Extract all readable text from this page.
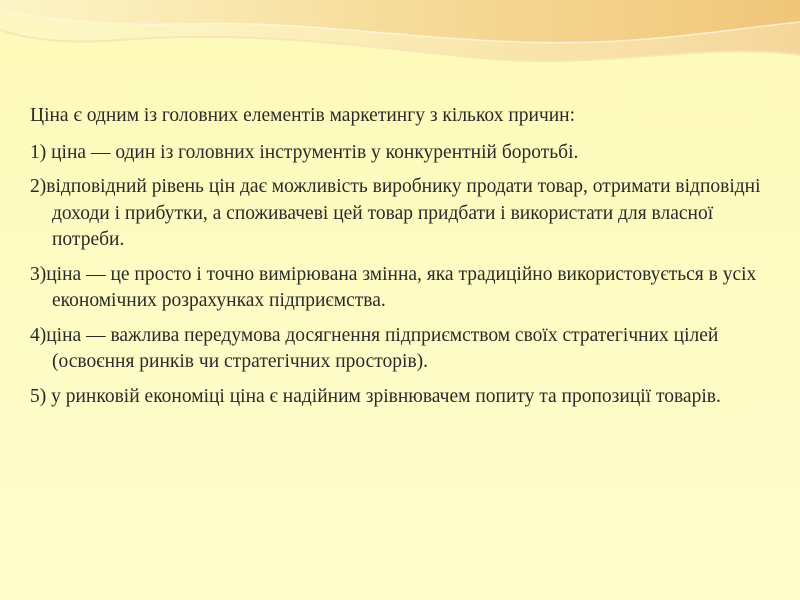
Ціна є одним із головних елементів маркетингу з кількох причин:

1) ціна — один із головних інструментів у конкурентній боротьбі.

2)відповідний рівень цін дає можливість виробнику продати товар, отримати відповідні доходи і прибутки, а споживачеві цей товар придбати і використати для власної потреби.

3)ціна — це просто і точно вимірювана змінна, яка традиційно використовується в усіх економічних розрахунках підприємства.

4)ціна — важлива передумова досягнення підприємством своїх стратегічних цілей (освоєння ринків чи стратегічних просторів).

5) у ринковій економіці ціна є надійним зрівнювачем попиту та пропозиції товарів.
